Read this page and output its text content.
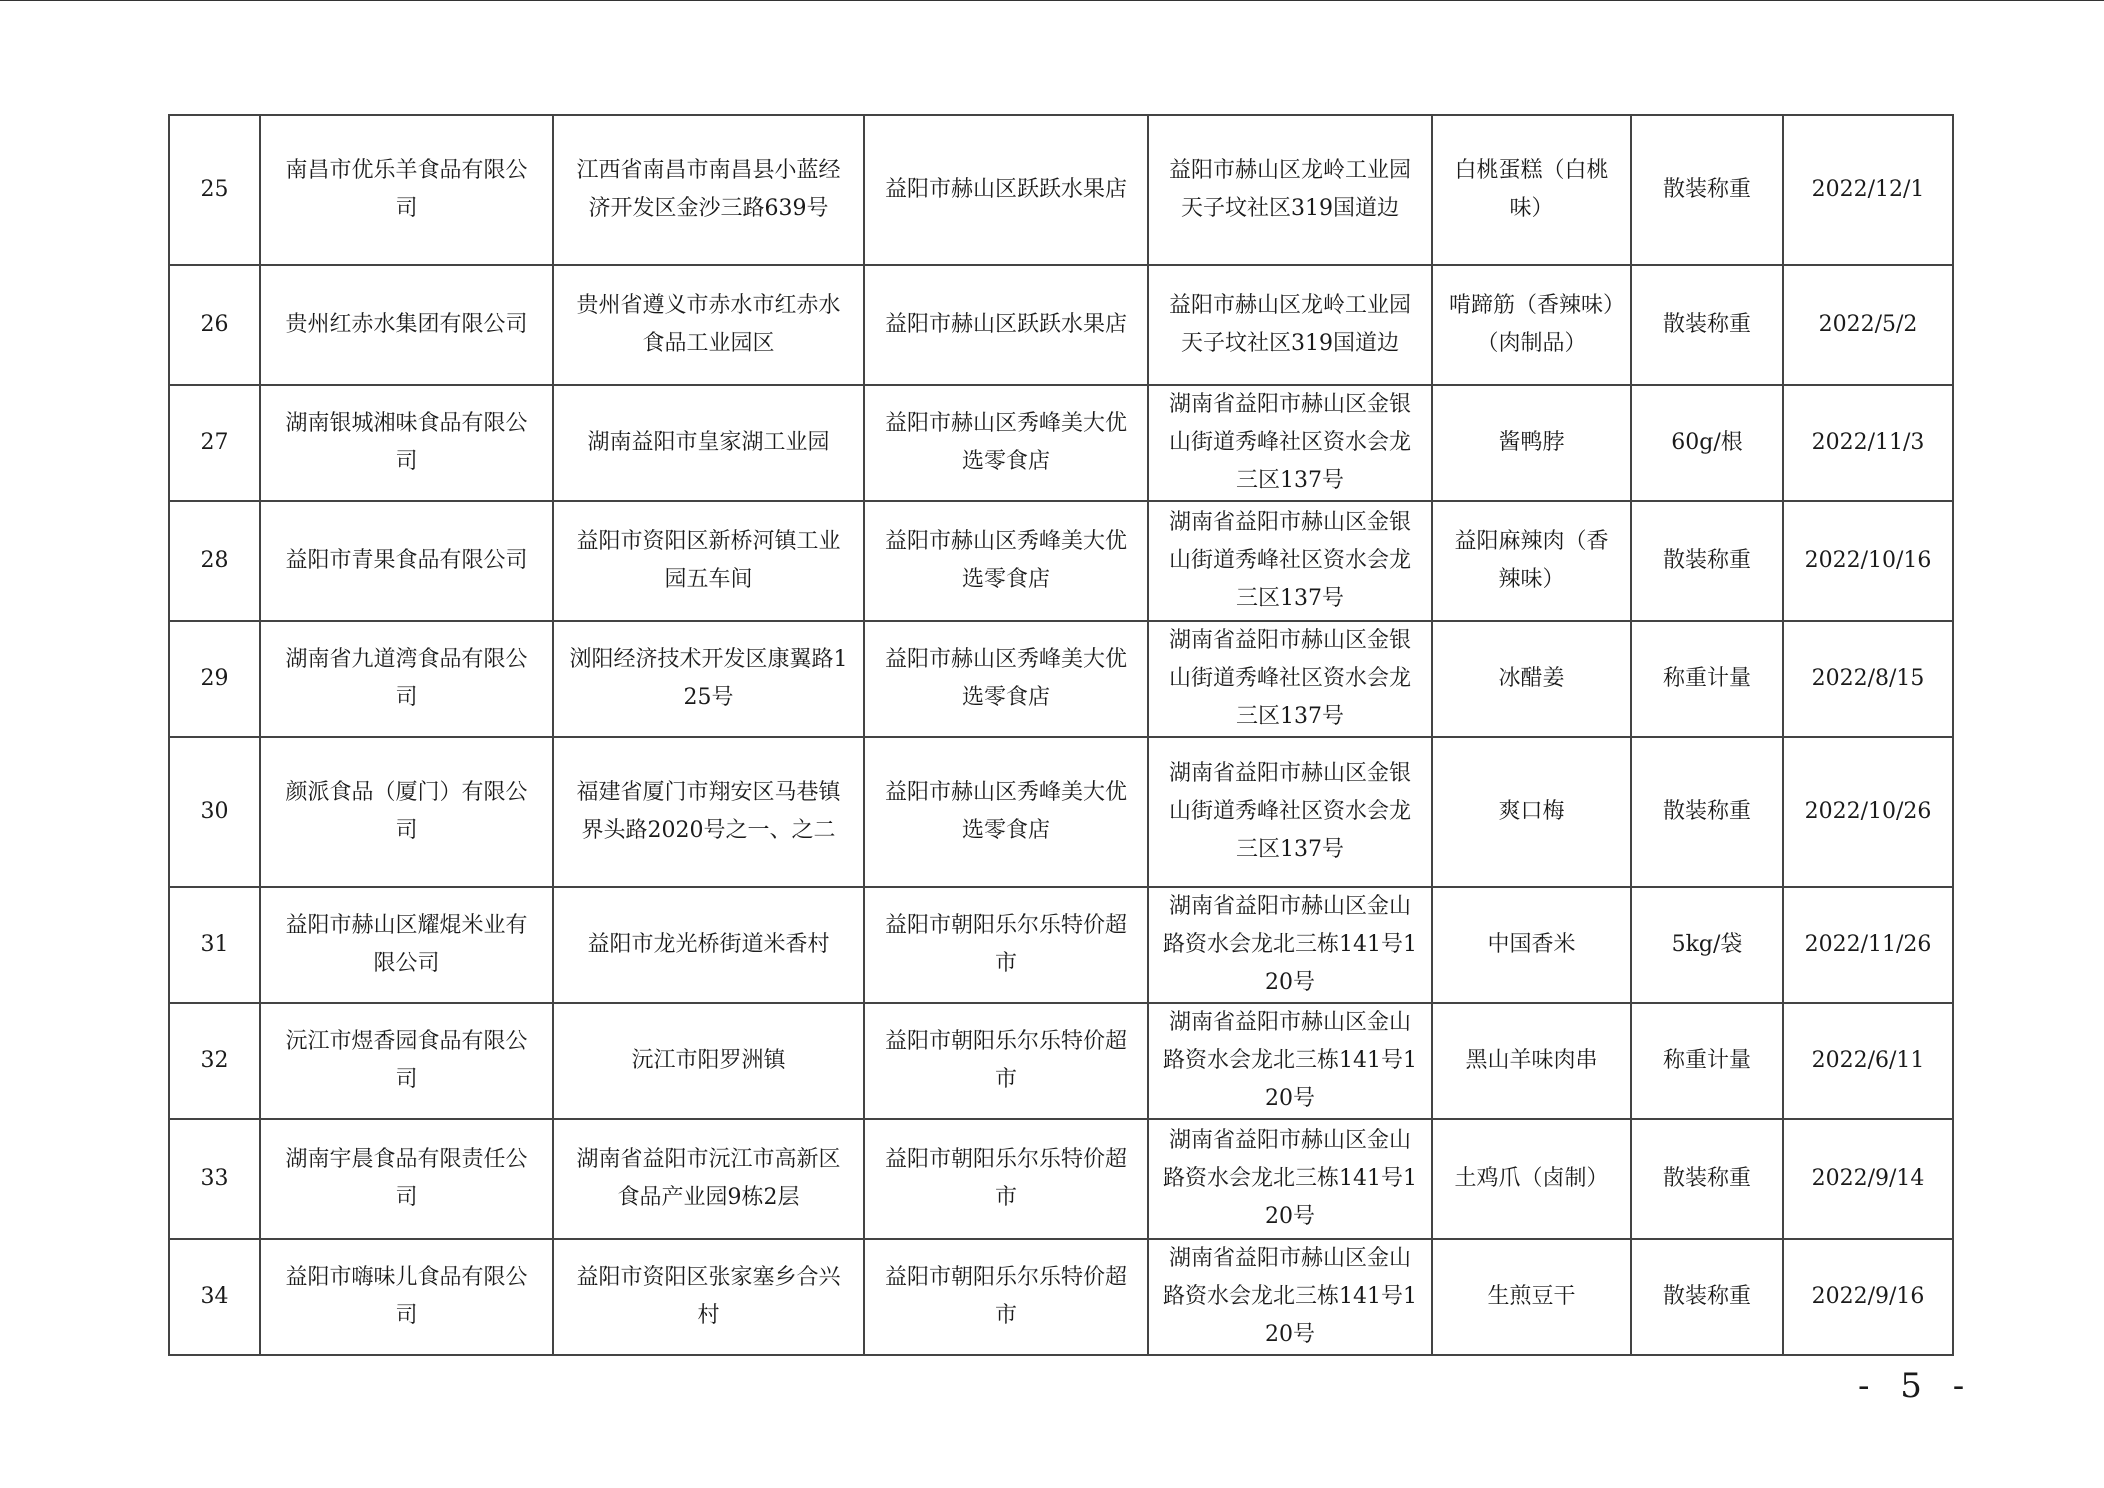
25	南昌市优乐羊食品有限公司	江西省南昌市南昌县小蓝经济开发区金沙三路639号	益阳市赫山区跃跃水果店	益阳市赫山区龙岭工业园天子坟社区319国道边	白桃蛋糕（白桃味）	散装称重	2022/12/1
26	贵州红赤水集团有限公司	贵州省遵义市赤水市红赤水食品工业园区	益阳市赫山区跃跃水果店	益阳市赫山区龙岭工业园天子坟社区319国道边	啃蹄筋（香辣味）（肉制品）	散装称重	2022/5/2
27	湖南银城湘味食品有限公司	湖南益阳市皇家湖工业园	益阳市赫山区秀峰美大优选零食店	湖南省益阳市赫山区金银山街道秀峰社区资水会龙三区137号	酱鸭脖	60g/根	2022/11/3
28	益阳市青果食品有限公司	益阳市资阳区新桥河镇工业园五车间	益阳市赫山区秀峰美大优选零食店	湖南省益阳市赫山区金银山街道秀峰社区资水会龙三区137号	益阳麻辣肉（香辣味）	散装称重	2022/10/16
29	湖南省九道湾食品有限公司	浏阳经济技术开发区康翼路125号	益阳市赫山区秀峰美大优选零食店	湖南省益阳市赫山区金银山街道秀峰社区资水会龙三区137号	冰醋姜	称重计量	2022/8/15
30	颜派食品（厦门）有限公司	福建省厦门市翔安区马巷镇界头路2020号之一、之二	益阳市赫山区秀峰美大优选零食店	湖南省益阳市赫山区金银山街道秀峰社区资水会龙三区137号	爽口梅	散装称重	2022/10/26
31	益阳市赫山区耀焜米业有限公司	益阳市龙光桥街道米香村	益阳市朝阳乐尔乐特价超市	湖南省益阳市赫山区金山路资水会龙北三栋141号120号	中国香米	5kg/袋	2022/11/26
32	沅江市煜香园食品有限公司	沅江市阳罗洲镇	益阳市朝阳乐尔乐特价超市	湖南省益阳市赫山区金山路资水会龙北三栋141号120号	黑山羊味肉串	称重计量	2022/6/11
33	湖南宇晨食品有限责任公司	湖南省益阳市沅江市高新区食品产业园9栋2层	益阳市朝阳乐尔乐特价超市	湖南省益阳市赫山区金山路资水会龙北三栋141号120号	土鸡爪（卤制）	散装称重	2022/9/14
34	益阳市嗨味儿食品有限公司	益阳市资阳区张家塞乡合兴村	益阳市朝阳乐尔乐特价超市	湖南省益阳市赫山区金山路资水会龙北三栋141号120号	生煎豆干	散装称重	2022/9/16
- 5 -
